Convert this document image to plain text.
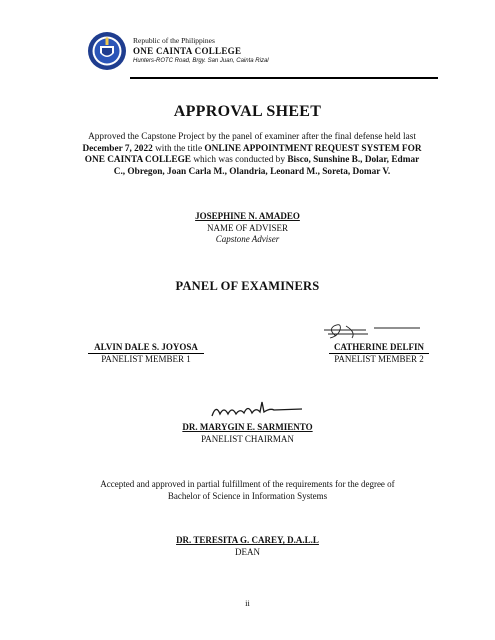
Republic of the Philippines
ONE CAINTA COLLEGE
Hunters-ROTC Road, Brgy. San Juan, Cainta Rizal
APPROVAL SHEET
Approved the Capstone Project by the panel of examiner after the final defense held last December 7, 2022 with the title ONLINE APPOINTMENT REQUEST SYSTEM FOR ONE CAINTA COLLEGE which was conducted by Bisco, Sunshine B., Dolar, Edmar C., Obregon, Joan Carla M., Olandria, Leonard M., Soreta, Domar V.
JOSEPHINE N. AMADEO
NAME OF ADVISER
Capstone Adviser
PANEL OF EXAMINERS
ALVIN DALE S. JOYOSA
PANELIST MEMBER 1
CATHERINE DELFIN
PANELIST MEMBER 2
DR. MARYGIN E. SARMIENTO
PANELIST CHAIRMAN
Accepted and approved in partial fulfillment of the requirements for the degree of
Bachelor of Science in Information Systems
DR. TERESITA G. CAREY, D.A.L.L
DEAN
ii
